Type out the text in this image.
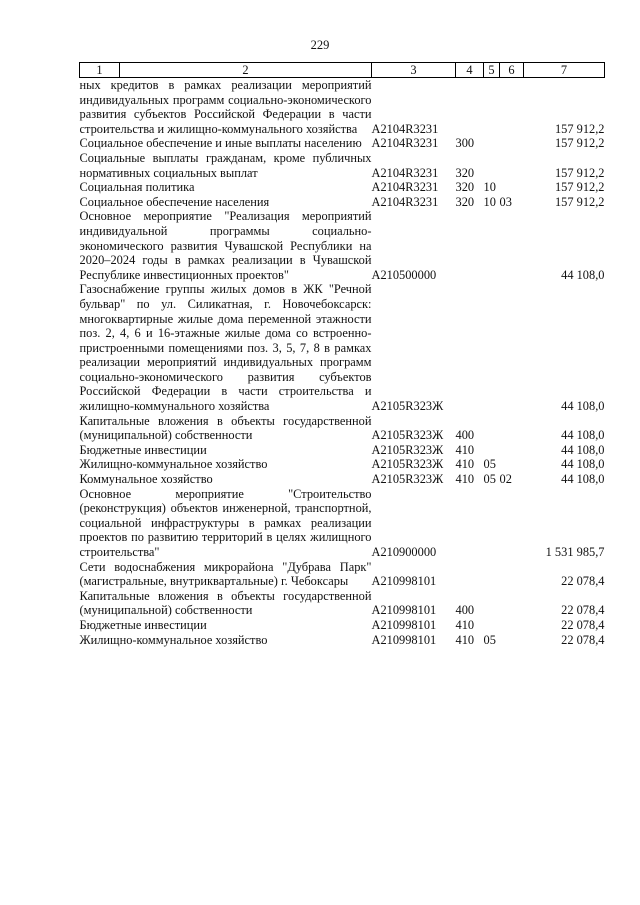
229
1	2	3	4	5	6	7
ных кредитов в рамках реализации мероприятий индивидуальных программ социально-экономического развития субъектов Российской Федерации в части строительства и жилищно-коммунального хозяйства		А2104R3231				157 912,2
Социальное обеспечение и иные выплаты населению		А2104R3231	300			157 912,2
Социальные выплаты гражданам, кроме публичных нормативных социальных выплат		А2104R3231	320			157 912,2
Социальная политика		А2104R3231	320	10		157 912,2
Социальное обеспечение населения		А2104R3231	320	10	03	157 912,2
Основное мероприятие "Реализация мероприятий индивидуальной программы социально-экономического развития Чувашской Республики на 2020–2024 годы в рамках реализации в Чувашской Республике инвестиционных проектов"		А210500000				44 108,0
Газоснабжение группы жилых домов в ЖК "Речной бульвар" по ул. Силикатная, г. Новочебоксарск: многоквартирные жилые дома переменной этажности поз. 2, 4, 6 и 16-этажные жилые дома со встроенно-пристроенными помещениями поз. 3, 5, 7, 8 в рамках реализации мероприятий индивидуальных программ социально-экономического развития субъектов Российской Федерации в части строительства и жилищно-коммунального хозяйства		А2105R323Ж				44 108,0
Капитальные вложения в объекты государственной (муниципальной) собственности		А2105R323Ж	400			44 108,0
Бюджетные инвестиции		А2105R323Ж	410			44 108,0
Жилищно-коммунальное хозяйство		А2105R323Ж	410	05		44 108,0
Коммунальное хозяйство		А2105R323Ж	410	05	02	44 108,0
Основное мероприятие "Строительство (реконструкция) объектов инженерной, транспортной, социальной инфраструктуры в рамках реализации проектов по развитию территорий в целях жилищного строительства"		А210900000				1 531 985,7
Сети водоснабжения микрорайона "Дубрава Парк" (магистральные, внутриквартальные) г. Чебоксары		А210998101				22 078,4
Капитальные вложения в объекты государственной (муниципальной) собственности		А210998101	400			22 078,4
Бюджетные инвестиции		А210998101	410			22 078,4
Жилищно-коммунальное хозяйство		А210998101	410	05		22 078,4
